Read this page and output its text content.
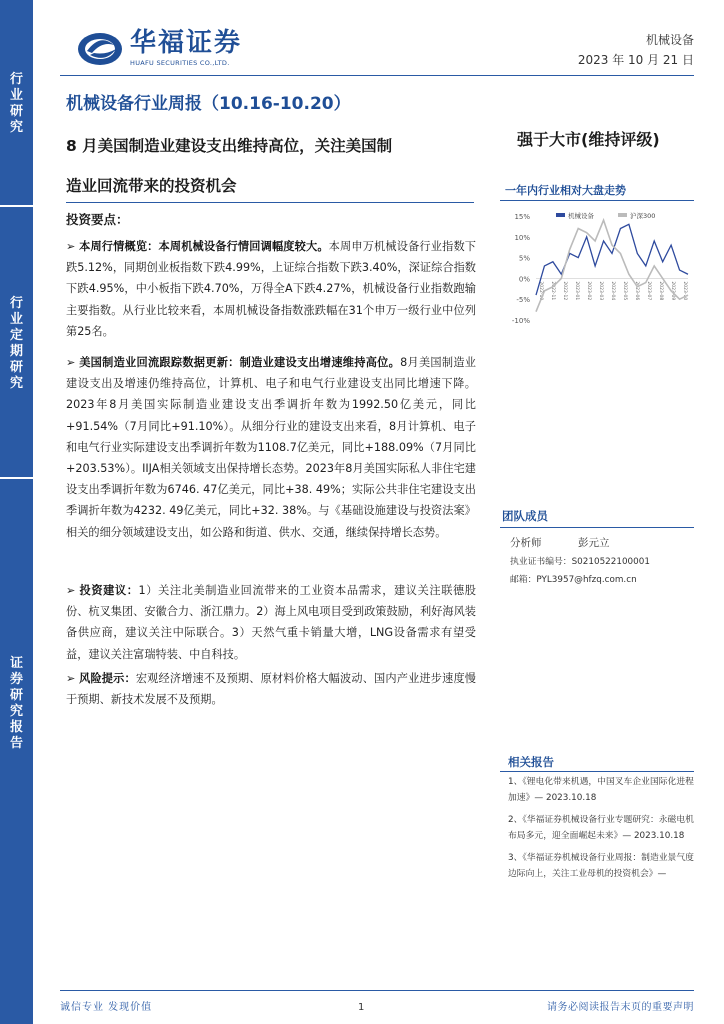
行业研究
行业定期研究
证券研究报告
华福证券
HUAFU SECURITIES CO.,LTD.
机械设备
2023 年 10 月 21 日
机械设备行业周报（10.16-10.20）
8 月美国制造业建设支出维持高位，关注美国制
造业回流带来的投资机会
强于大市(维持评级)
一年内行业相对大盘走势
15%
10%
5%
0%
-5%
-10%
2022-10 2022-11 2022-12 2023-01 2023-02 2023-03 2023-04 2023-05 2023-06 2023-07 2023-08 2023-09 2023-10
机械设备	沪深300
投资要点：

➢ 本周行情概览：本周机械设备行情回调幅度较大。本周申万机械设备行业指数下跌5.12%，同期创业板指数下跌4.99%，上证综合指数下跌3.40%，深证综合指数下跌4.95%，中小板指下跌4.70%，万得全A下跌4.27%，机械设备行业指数跑输主要指数。从行业比较来看，本周机械设备指数涨跌幅在31个申万一级行业中位列第25名。

➢ 美国制造业回流跟踪数据更新：制造业建设支出增速维持高位。8月美国制造业建设支出及增速仍维持高位，计算机、电子和电气行业建设支出同比增速下降。2023年8月美国实际制造业建设支出季调折年数为1992.50亿美元，同比+91.54%（7月同比+91.10%）。从细分行业的建设支出来看，8月计算机、电子和电气行业实际建设支出季调折年数为1108.7亿美元，同比+188.09%（7月同比+203.53%）。IIJA相关领域支出保持增长态势。2023年8月美国实际私人非住宅建设支出季调折年数为6746. 47亿美元，同比+38. 49%；实际公共非住宅建设支出季调折年数为4232. 49亿美元，同比+32. 38%。与《基础设施建设与投资法案》相关的细分领域建设支出，如公路和街道、供水、交通，继续保持增长态势。

➢ 投资建议：1）关注北美制造业回流带来的工业资本品需求，建议关注联德股份、杭叉集团、安徽合力、浙江鼎力。2）海上风电项目受到政策鼓励，利好海风装备供应商，建议关注中际联合。3）天然气重卡销量大增，LNG设备需求有望受益，建议关注富瑞特装、中自科技。

➢ 风险提示：宏观经济增速不及预期、原材料价格大幅波动、国内产业进步速度慢于预期、新技术发展不及预期。

团队成员
分析师	彭元立
执业证书编号：S0210522100001
邮箱：PYL3957@hfzq.com.cn
相关报告

1、《锂电化带来机遇，中国叉车企业国际化进程加速》— 2023.10.18

2、《华福证券机械设备行业专题研究：永磁电机布局多元，迎全面崛起未来》— 2023.10.18

3、《华福证券机械设备行业周报：制造业景气度边际向上，关注工业母机的投资机会》—

诚信专业 发现价值	1	请务必阅读报告末页的重要声明
